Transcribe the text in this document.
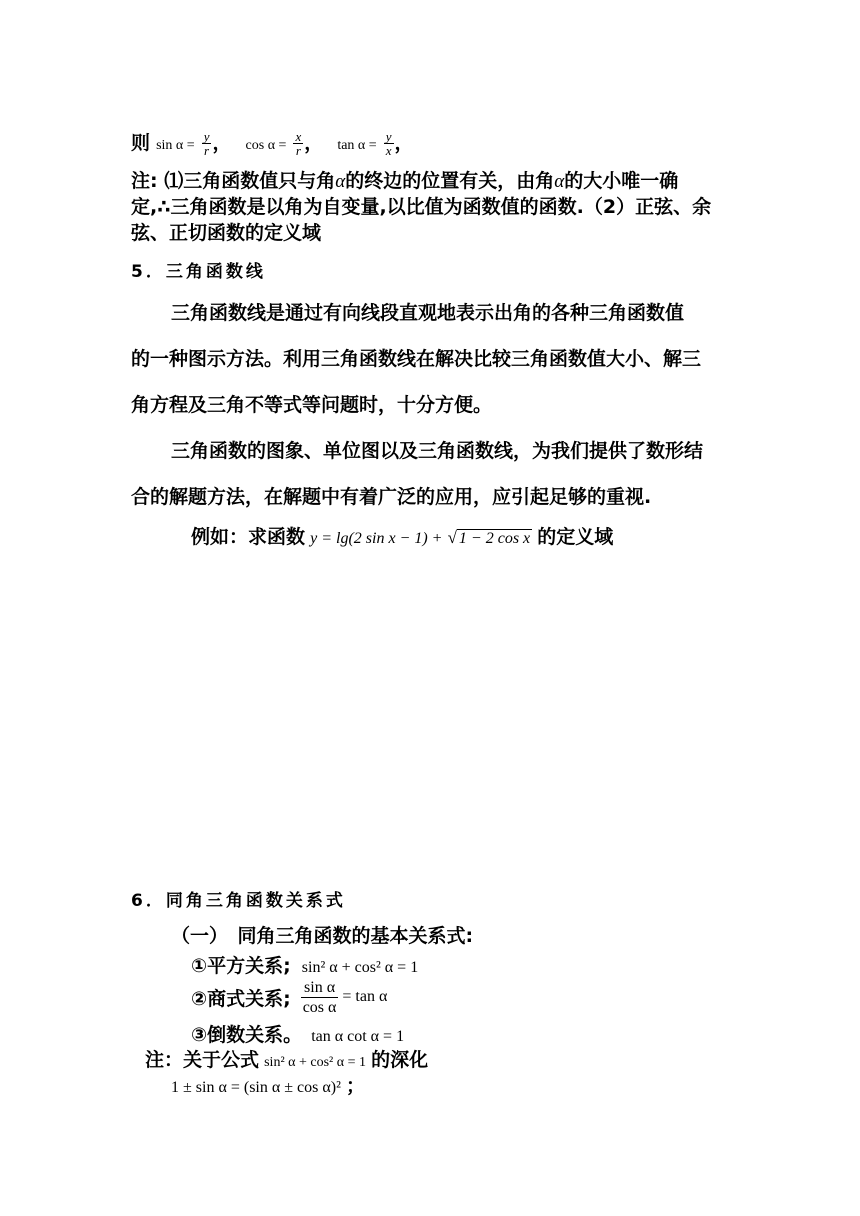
则 $\sin \alpha = \frac{y}{r}$ ， $\cos \alpha = \frac{x}{r}$ ， $\tan \alpha = \frac{y}{x}$ ，
注: ⑴三角函数值只与角α的终边的位置有关，由角α的大小唯一确
定,∴三角函数是以角为自变量,以比值为函数值的函数.（2）正弦、余
弦、正切函数的定义域
5．三角函数线
三角函数线是通过有向线段直观地表示出角的各种三角函数值
的一种图示方法。利用三角函数线在解决比较三角函数值大小、解三
角方程及三角不等式等问题时，十分方便。
三角函数的图象、单位图以及三角函数线，为我们提供了数形结
合的解题方法，在解题中有着广泛的应用，应引起足够的重视.
例如：求函数 y = lg(2 sin x − 1) + √ 1 − 2 cos x 的定义域
6．同角三角函数关系式
（一）　同角三角函数的基本关系式:
①平方关系; sin² α + cos² α = 1
②商式关系; $\frac{\text{sin α}}{\text{cos α}} = \tan \alpha$
③倒数关系。 tan α cot α = 1
注：关于公式 sin² α + cos² α = 1 的深化
1 ± sin α = (sin α ± cos α)² ；
